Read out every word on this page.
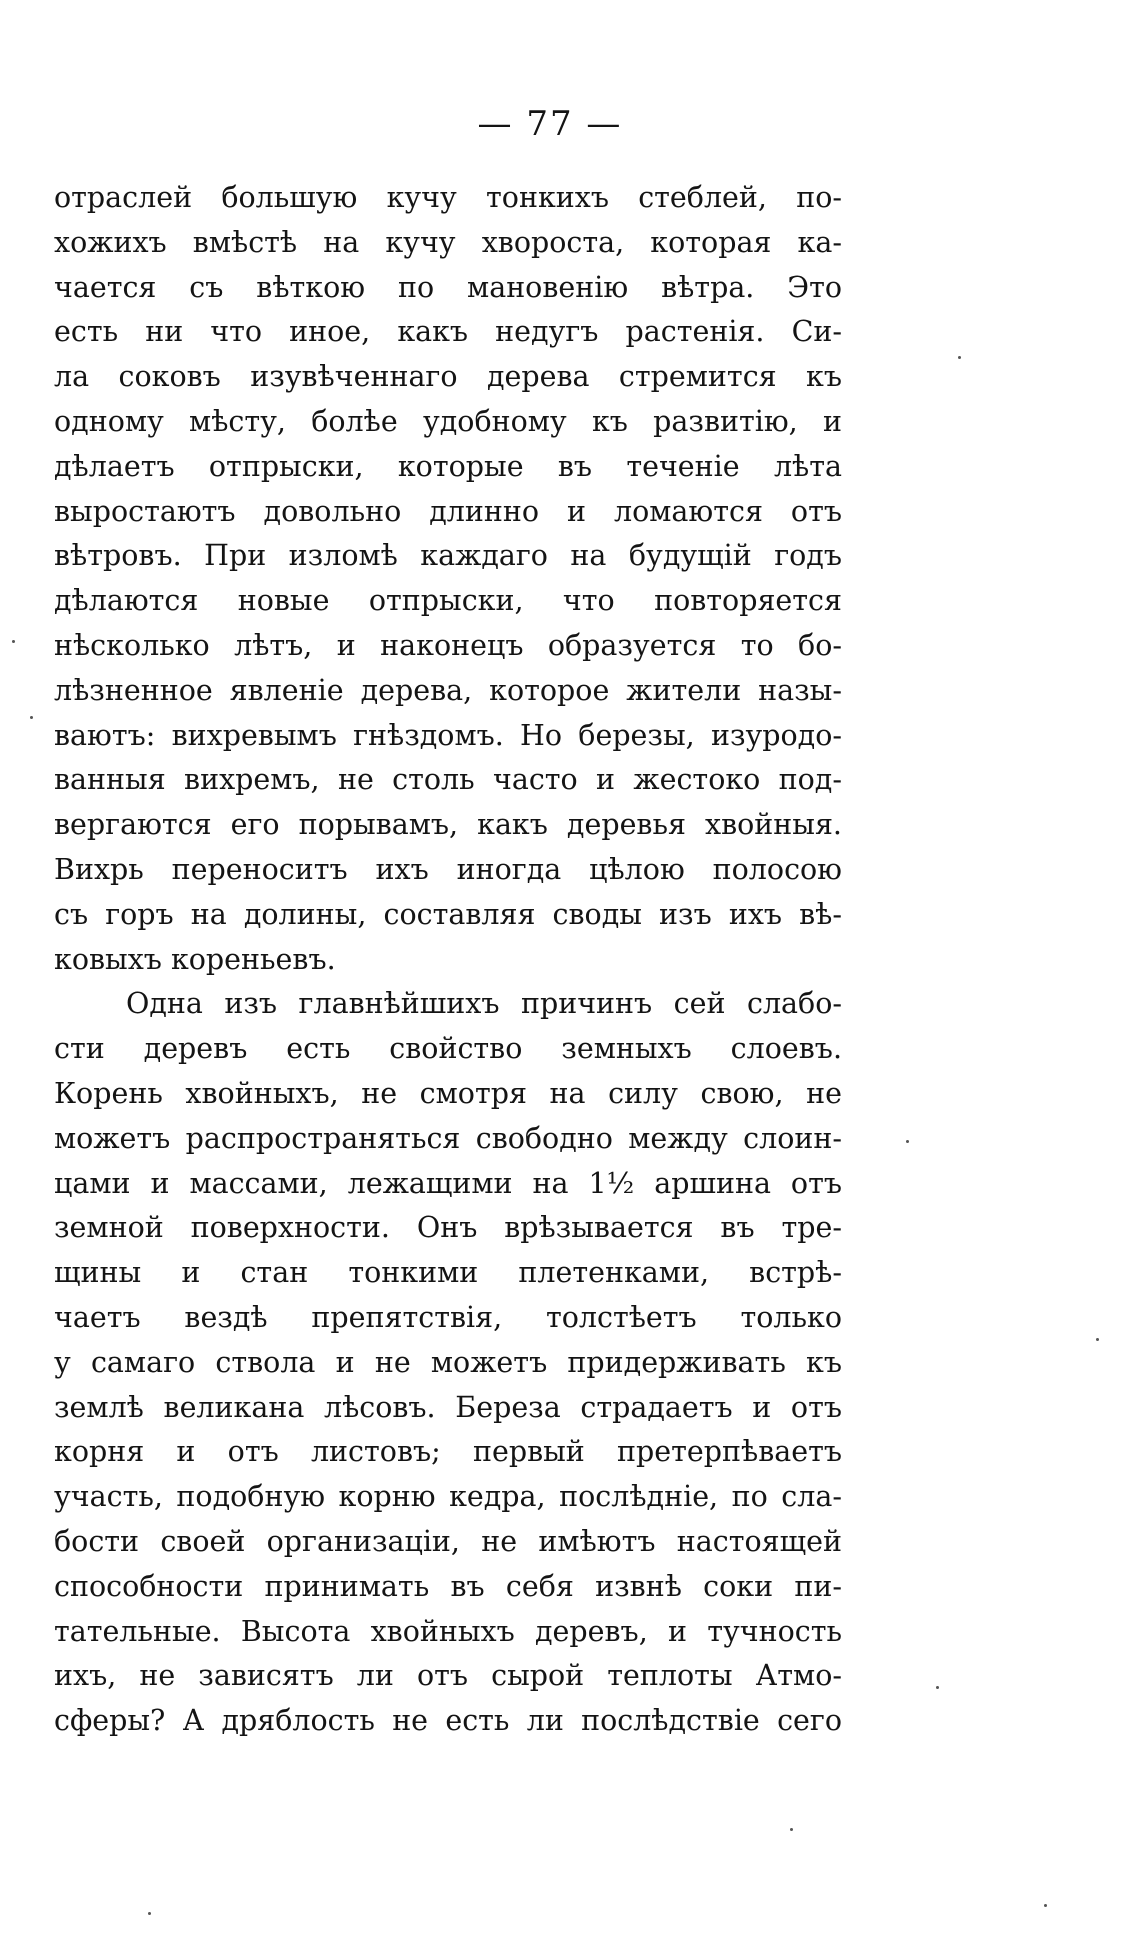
— 77 —
отраслей большую кучу тонкихъ стеблей, по-
хожихъ вмѣстѣ на кучу хвороста, которая ка-
чается съ вѣткою по мановенію вѣтра. Это
есть ни что иное, какъ недугъ растенія. Си-
ла соковъ изувѣченнаго дерева стремится къ
одному мѣсту, болѣе удобному къ развитію, и
дѣлаетъ отпрыски, которые въ теченіе лѣта
выростаютъ довольно длинно и ломаются отъ
вѣтровъ. При изломѣ каждаго на будущій годъ
дѣлаются новые отпрыски, что повторяется
нѣсколько лѣтъ, и наконецъ образуется то бо-
лѣзненное явленіе дерева, которое жители назы-
ваютъ: вихревымъ гнѣздомъ. Но березы, изуродо-
ванныя вихремъ, не столь часто и жестоко под-
вергаются его порывамъ, какъ деревья хвойныя.
Вихрь переноситъ ихъ иногда цѣлою полосою
съ горъ на долины, составляя своды изъ ихъ вѣ-
ковыхъ кореньевъ.
Одна изъ главнѣйшихъ причинъ сей слабо-
сти деревъ есть свойство земныхъ слоевъ.
Корень хвойныхъ, не смотря на силу свою, не
можетъ распространяться свободно между слоин-
цами и массами, лежащими на 1½ аршина отъ
земной поверхности. Онъ врѣзывается въ тре-
щины и стан тонкими плетенками, встрѣ-
чаетъ вездѣ препятствія, толстѣетъ только
у самаго ствола и не можетъ придерживать къ
землѣ великана лѣсовъ. Береза страдаетъ и отъ
корня и отъ листовъ; первый претерпѣваетъ
участь, подобную корню кедра, послѣдніе, по сла-
бости своей организаціи, не имѣютъ настоящей
способности принимать въ себя извнѣ соки пи-
тательные. Высота хвойныхъ деревъ, и тучность
ихъ, не зависятъ ли отъ сырой теплоты Атмо-
сферы? А дряблость не есть ли послѣдствіе сего
